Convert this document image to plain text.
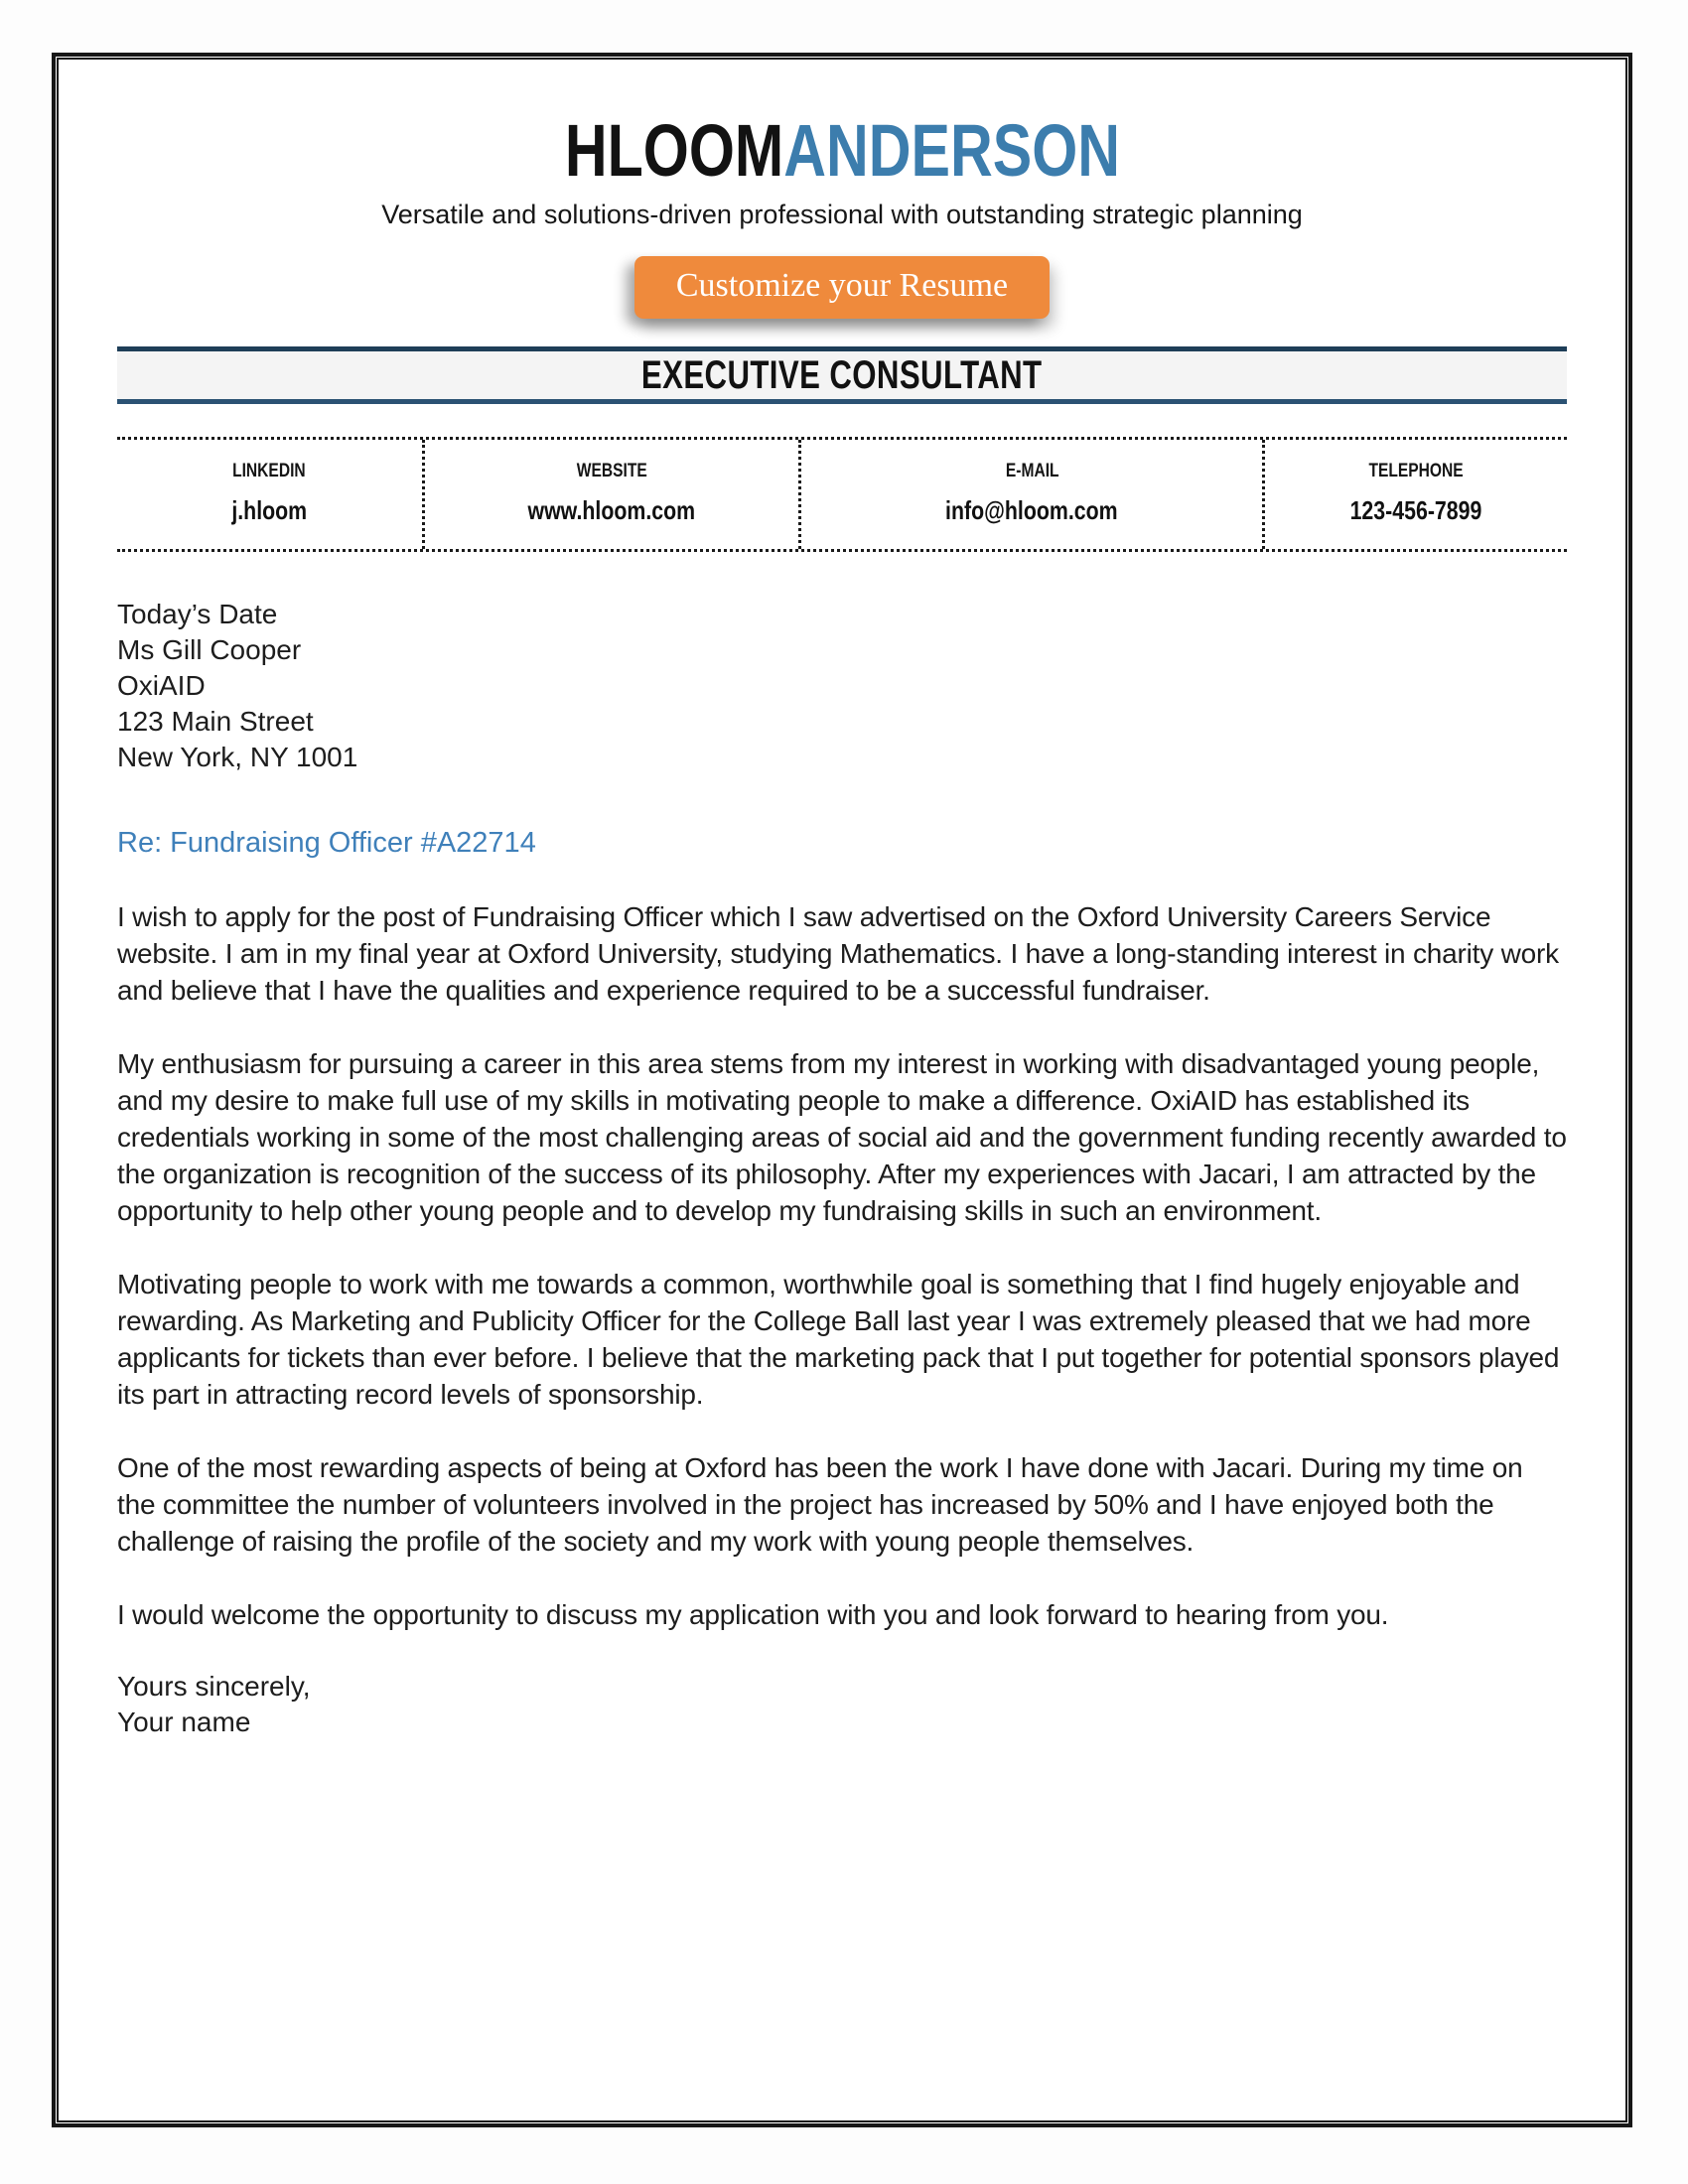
HLOOMANDERSON
Versatile and solutions-driven professional with outstanding strategic planning
Customize your Resume
EXECUTIVE CONSULTANT
LINKEDIN
j.hloom
WEBSITE
www.hloom.com
E-MAIL
info@hloom.com
TELEPHONE
123-456-7899
Today’s Date
Ms Gill Cooper
OxiAID
123 Main Street
New York, NY 1001
Re: Fundraising Officer #A22714

I wish to apply for the post of Fundraising Officer which I saw advertised on the Oxford University Careers Service website. I am in my final year at Oxford University, studying Mathematics. I have a long-standing interest in charity work and believe that I have the qualities and experience required to be a successful fundraiser.

My enthusiasm for pursuing a career in this area stems from my interest in working with disadvantaged young people, and my desire to make full use of my skills in motivating people to make a difference. OxiAID has established its credentials working in some of the most challenging areas of social aid and the government funding recently awarded to the organization is recognition of the success of its philosophy. After my experiences with Jacari, I am attracted by the opportunity to help other young people and to develop my fundraising skills in such an environment.

Motivating people to work with me towards a common, worthwhile goal is something that I find hugely enjoyable and rewarding. As Marketing and Publicity Officer for the College Ball last year I was extremely pleased that we had more applicants for tickets than ever before. I believe that the marketing pack that I put together for potential sponsors played its part in attracting record levels of sponsorship.

One of the most rewarding aspects of being at Oxford has been the work I have done with Jacari. During my time on the committee the number of volunteers involved in the project has increased by 50% and I have enjoyed both the challenge of raising the profile of the society and my work with young people themselves.

I would welcome the opportunity to discuss my application with you and look forward to hearing from you.

Yours sincerely,
Your name
